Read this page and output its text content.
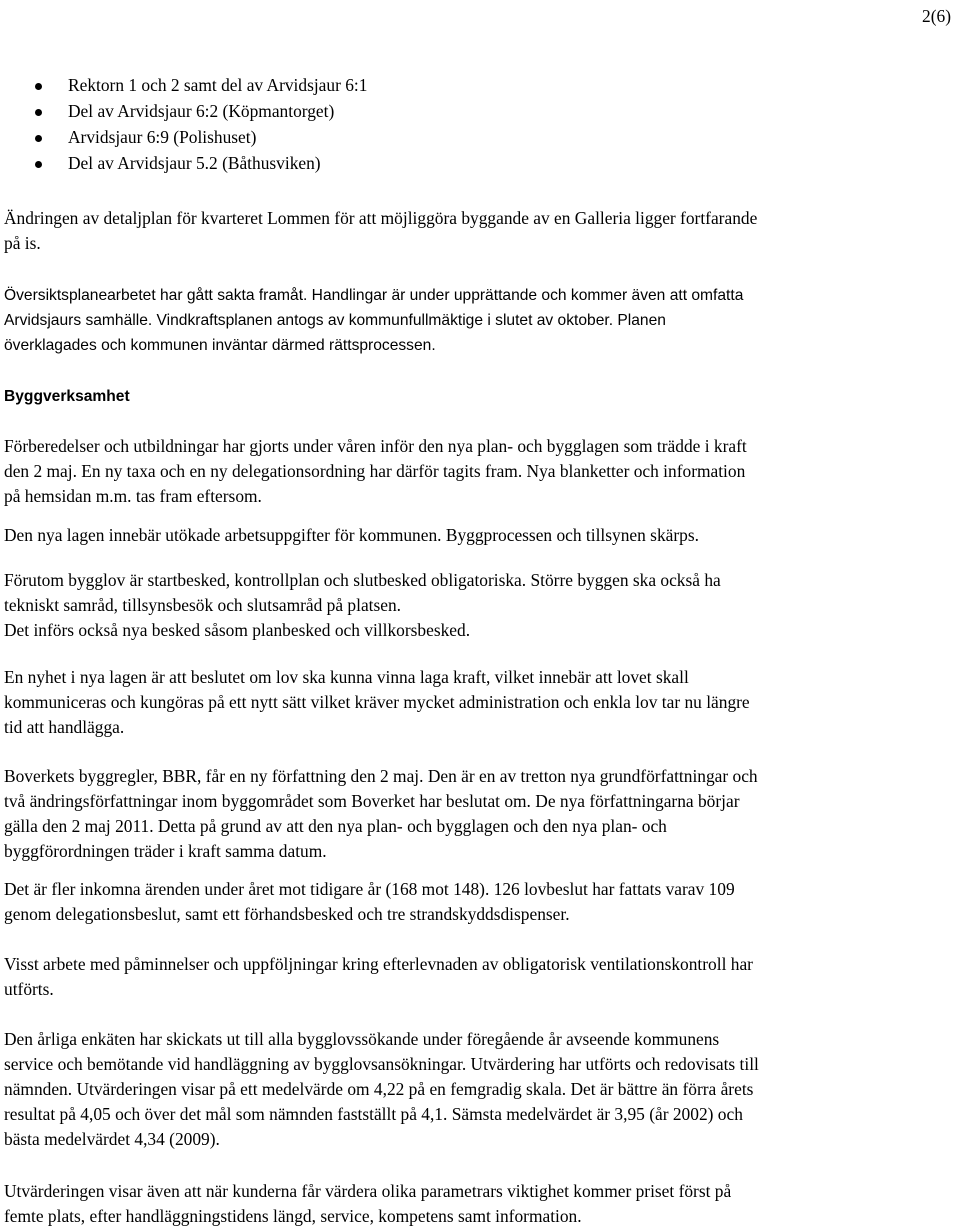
2(6)
Rektorn 1 och 2 samt del av Arvidsjaur 6:1
Del av Arvidsjaur 6:2 (Köpmantorget)
Arvidsjaur 6:9 (Polishuset)
Del av Arvidsjaur 5.2 (Båthusviken)

Ändringen av detaljplan för kvarteret Lommen för att möjliggöra byggande av en Galleria ligger fortfarande
på is.

Översiktsplanearbetet har gått sakta framåt. Handlingar är under upprättande och kommer även att omfatta
Arvidsjaurs samhälle. Vindkraftsplanen antogs av kommunfullmäktige i slutet av oktober. Planen
överklagades och kommunen inväntar därmed rättsprocessen.

Byggverksamhet

Förberedelser och utbildningar har gjorts under våren inför den nya plan- och bygglagen som trädde i kraft
den 2 maj. En ny taxa och en ny delegationsordning har därför tagits fram. Nya blanketter och information
på hemsidan m.m. tas fram eftersom.

Den nya lagen innebär utökade arbetsuppgifter för kommunen. Byggprocessen och tillsynen skärps.

Förutom bygglov är startbesked, kontrollplan och slutbesked obligatoriska. Större byggen ska också ha
tekniskt samråd, tillsynsbesök och slutsamråd på platsen.
Det införs också nya besked såsom planbesked och villkorsbesked.

En nyhet i nya lagen är att beslutet om lov ska kunna vinna laga kraft, vilket innebär att lovet skall
kommuniceras och kungöras på ett nytt sätt vilket kräver mycket administration och enkla lov tar nu längre
tid att handlägga.

Boverkets byggregler, BBR, får en ny författning den 2 maj. Den är en av tretton nya grundförfattningar och
två ändringsförfattningar inom byggområdet som Boverket har beslutat om. De nya författningarna börjar
gälla den 2 maj 2011. Detta på grund av att den nya plan- och bygglagen och den nya plan- och
byggförordningen träder i kraft samma datum.

Det är fler inkomna ärenden under året mot tidigare år (168 mot 148). 126 lovbeslut har fattats varav 109
genom delegationsbeslut, samt ett förhandsbesked och tre strandskyddsdispenser.

Visst arbete med påminnelser och uppföljningar kring efterlevnaden av obligatorisk ventilationskontroll har
utförts.

Den årliga enkäten har skickats ut till alla bygglovssökande under föregående år avseende kommunens
service och bemötande vid handläggning av bygglovsansökningar. Utvärdering har utförts och redovisats till
nämnden. Utvärderingen visar på ett medelvärde om 4,22 på en femgradig skala. Det är bättre än förra årets
resultat på 4,05 och över det mål som nämnden fastställt på 4,1. Sämsta medelvärdet är 3,95 (år 2002) och
bästa medelvärdet 4,34 (2009).

Utvärderingen visar även att när kunderna får värdera olika parametrars viktighet kommer priset först på
femte plats, efter handläggningstidens längd, service, kompetens samt information.
